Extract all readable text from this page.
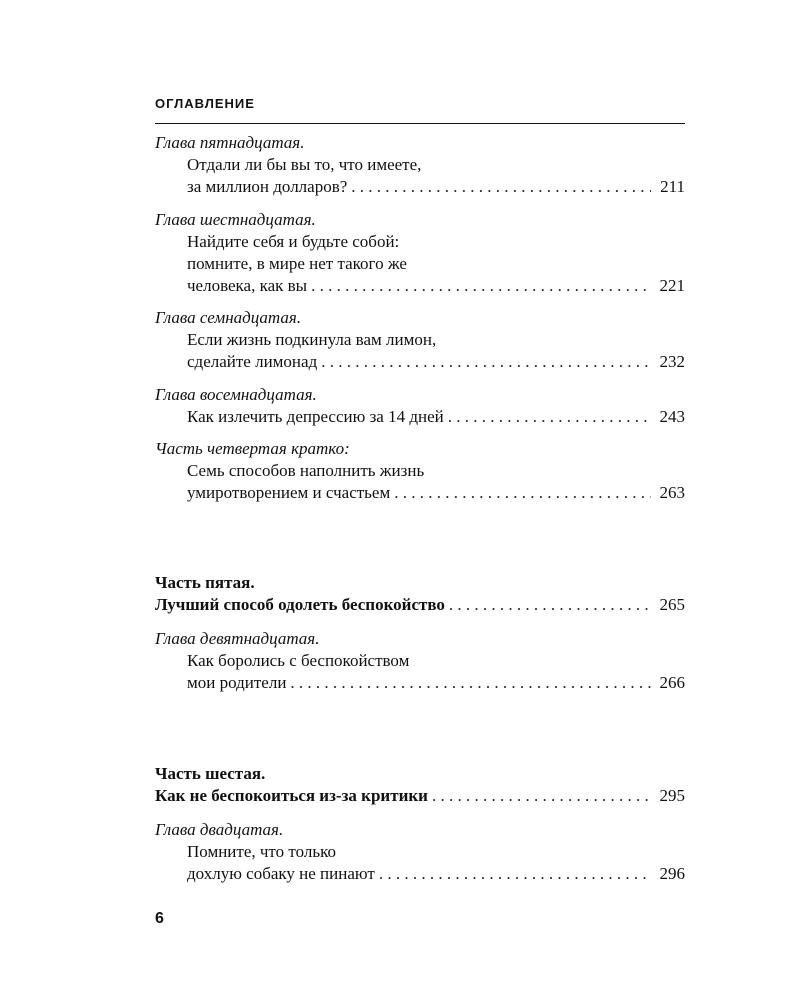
ОГЛАВЛЕНИЕ
Глава пятнадцатая.
Отдали ли бы вы то, что имеете,
за миллион долларов? . . .	211
Глава шестнадцатая.
Найдите себя и будьте собой:
помните, в мире нет такого же
человека, как вы . . .	221
Глава семнадцатая.
Если жизнь подкинула вам лимон,
сделайте лимонад . . .	232
Глава восемнадцатая.
Как излечить депрессию за 14 дней . . .	243
Часть четвертая кратко:
Семь способов наполнить жизнь
умиротворением и счастьем . . .	263
Часть пятая.
Лучший способ одолеть беспокойство . . .	265
Глава девятнадцатая.
Как боролись с беспокойством
мои родители . . .	266
Часть шестая.
Как не беспокоиться из-за критики . . .	295
Глава двадцатая.
Помните, что только
дохлую собаку не пинают . . .	296
6
